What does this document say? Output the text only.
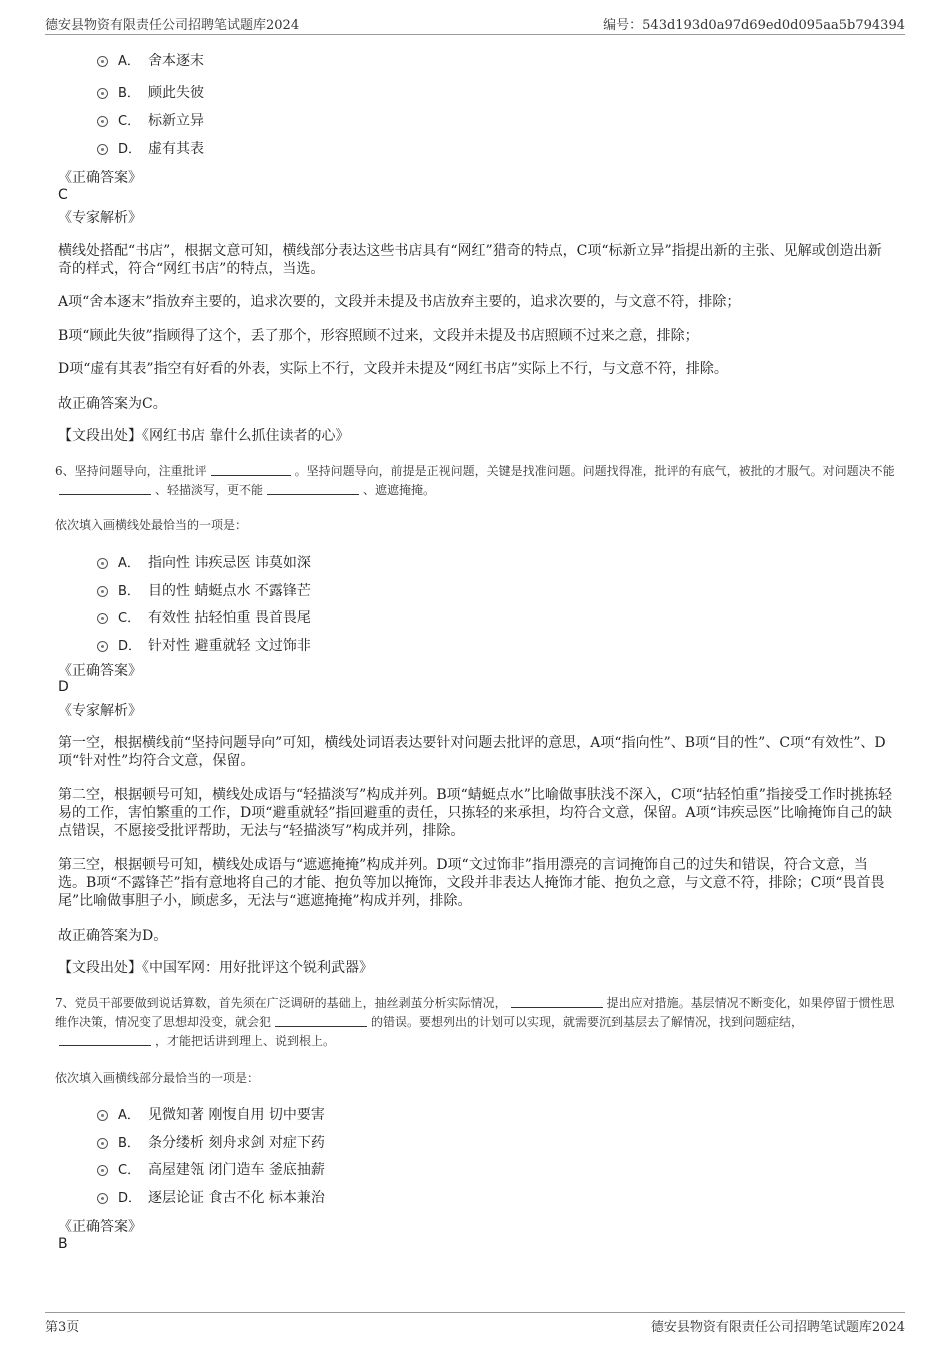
德安县物资有限责任公司招聘笔试题库2024	编号：543d193d0a97d69ed0d095aa5b794394
A． 舍本逐末
B． 顾此失彼
C． 标新立异
D． 虚有其表
《正确答案》
C
《专家解析》
横线处搭配“书店”，根据文意可知，横线部分表达这些书店具有“网红”猎奇的特点，C项“标新立异”指提出新的主张、见解或创造出新奇的样式，符合“网红书店”的特点，当选。
A项“舍本逐末”指放弃主要的，追求次要的，文段并未提及书店放弃主要的，追求次要的，与文意不符，排除；
B项“顾此失彼”指顾得了这个，丢了那个，形容照顾不过来，文段并未提及书店照顾不过来之意，排除；
D项“虚有其表”指空有好看的外表，实际上不行，文段并未提及“网红书店”实际上不行，与文意不符，排除。
故正确答案为C。
【文段出处】《网红书店 靠什么抓住读者的心》
6、坚持问题导向，注重批评	。坚持问题导向，前提是正视问题，关键是找准问题。问题找得准，批评的有底气，被批的才服气。对问题决不能、轻描淡写，更不能	、遮遮掩掩。
依次填入画横线处最恰当的一项是：
A． 指向性 讳疾忌医 讳莫如深
B． 目的性 蜻蜓点水 不露锋芒
C． 有效性 拈轻怕重 畏首畏尾
D． 针对性 避重就轻 文过饰非
《正确答案》
D
《专家解析》
第一空，根据横线前“坚持问题导向”可知，横线处词语表达要针对问题去批评的意思，A项“指向性”、B项“目的性”、C项“有效性”、D项“针对性”均符合文意，保留。
第二空，根据顿号可知，横线处成语与“轻描淡写”构成并列。B项“蜻蜓点水”比喻做事肤浅不深入，C项“拈轻怕重”指接受工作时挑拣轻易的工作，害怕繁重的工作，D项“避重就轻”指回避重的责任，只拣轻的来承担，均符合文意，保留。A项“讳疾忌医”比喻掩饰自己的缺点错误，不愿接受批评帮助，无法与“轻描淡写”构成并列，排除。
第三空，根据顿号可知，横线处成语与“遮遮掩掩”构成并列。D项“文过饰非”指用漂亮的言词掩饰自己的过失和错误，符合文意，当选。B项“不露锋芒”指有意地将自己的才能、抱负等加以掩饰，文段并非表达人掩饰才能、抱负之意，与文意不符，排除；C项“畏首畏尾”比喻做事胆子小，顾虑多，无法与“遮遮掩掩”构成并列，排除。
故正确答案为D。
【文段出处】《中国军网：用好批评这个锐利武器》
7、党员干部要做到说话算数，首先须在广泛调研的基础上，抽丝剥茧分析实际情况，	提出应对措施。基层情况不断变化，如果停留于惯性思维作决策，情况变了思想却没变，就会犯	的错误。要想列出的计划可以实现，就需要沉到基层去了解情况，找到问题症结，，才能把话讲到理上、说到根上。
依次填入画横线部分最恰当的一项是：
A． 见微知著 刚愎自用 切中要害
B． 条分缕析 刻舟求剑 对症下药
C． 高屋建瓴 闭门造车 釜底抽薪
D． 逐层论证 食古不化 标本兼治
《正确答案》
B
第3页	德安县物资有限责任公司招聘笔试题库2024
